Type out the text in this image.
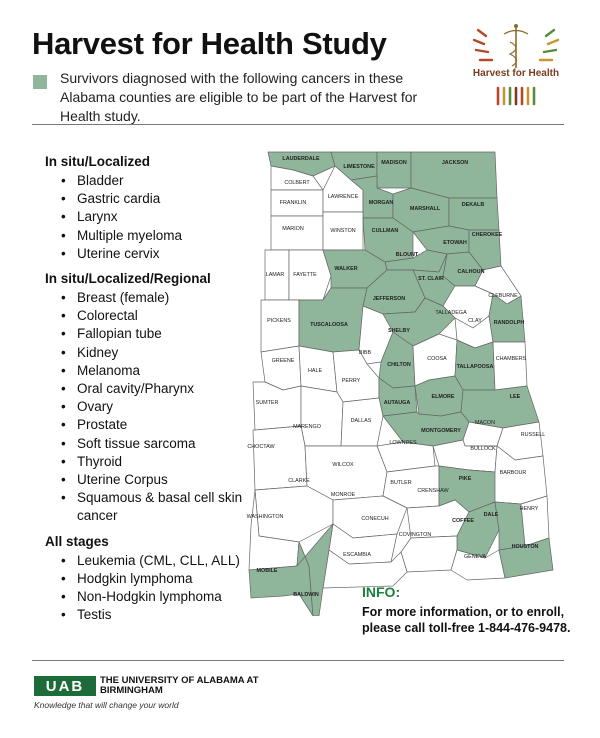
Harvest for Health Study
Survivors diagnosed with the following cancers in these Alabama counties are eligible to be part of the Harvest for Health study.
Harvest for Health
In situ/Localized
• Bladder
• Gastric cardia
• Larynx
• Multiple myeloma
• Uterine cervix
In situ/Localized/Regional
• Breast (female)
• Colorectal
• Fallopian tube
• Kidney
• Melanoma
• Oral cavity/Pharynx
• Ovary
• Prostate
• Soft tissue sarcoma
• Thyroid
• Uterine Corpus
• Squamous & basal cell skin cancer
All stages
• Leukemia (CML, CLL, ALL)
• Hodgkin lymphoma
• Non-Hodgkin lymphoma
• Testis
LAUDERDALE
LIMESTONE
MADISON	JACKSON
COLBERT
FRANKLIN
LAWRENCE
MORGAN
MARSHALL
DEKALB
MARION	WINSTON	CULLMAN
ETOWAH
CHEROKEE
BLOUNT
LAMAR FAYETTE
WALKER	CALHOUN
ST. CLAIR
JEFFERSON	CLEBURNE
TALLADEGA
PICKENS
TUSCALOOSA
SHELBY
CLAY RANDOLPH
BIBB
GREENE
HALE
CHILTON
COOSA
TALLAPOOSA
CHAMBERS
PERRY
SUMTER	AUTAUGA
ELMORE	LEE
MARENGO
DALLAS
MONTGOMERY
MACON
RUSSELL
CHOCTAW
LOWNDES
BULLOCK
WILCOX
BARBOUR
CLARKE	BUTLER
PIKE
MONROE
CRENSHAW
WASHINGTON	CONECUH	COFFEE
DALE
HENRY
COVINGTON
ESCAMBIA	GENEVA
HOUSTON
MOBILE
BALDWIN	INFO:
For more information, or to enroll, please call toll-free 1-844-476-9478.
UAB THE UNIVERSITY OF ALABAMA AT BIRMINGHAM
Knowledge that will change your world
